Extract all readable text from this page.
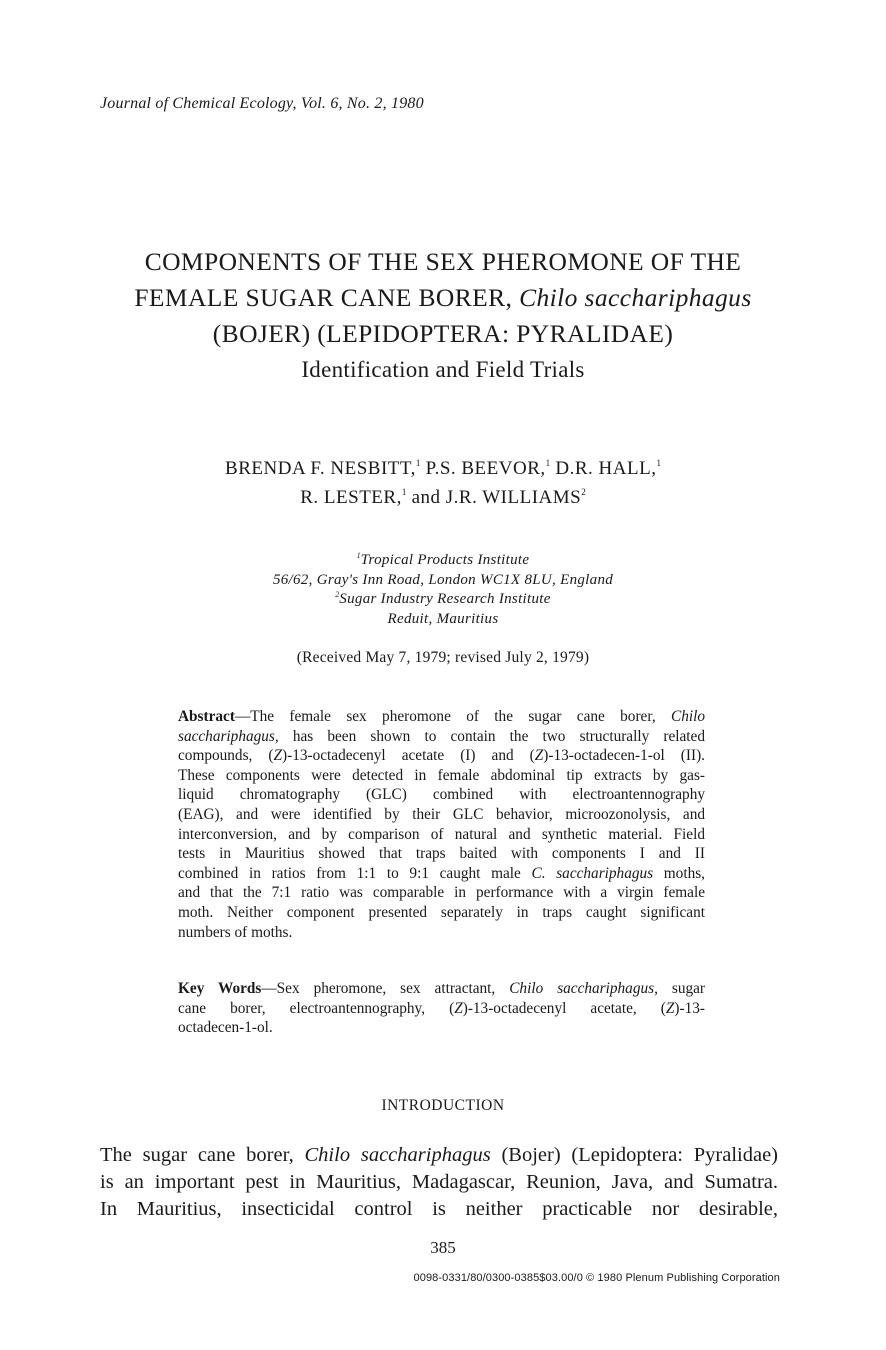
Journal of Chemical Ecology, Vol. 6, No. 2, 1980
COMPONENTS OF THE SEX PHEROMONE OF THE
FEMALE SUGAR CANE BORER, Chilo sacchariphagus
(BOJER) (LEPIDOPTERA: PYRALIDAE)
Identification and Field Trials
BRENDA F. NESBITT,$^1$ P.S. BEEVOR,$^1$ D.R. HALL,$^1$
R. LESTER,$^1$ and J.R. WILLIAMS$^2$
$^1$Tropical Products Institute
56/62, Gray's Inn Road, London WC1X 8LU, England
$^2$Sugar Industry Research Institute
Reduit, Mauritius
(Received May 7, 1979; revised July 2, 1979)
Abstract—The female sex pheromone of the sugar cane borer, Chilo
sacchariphagus, has been shown to contain the two structurally related
compounds, (Z)-13-octadecenyl acetate (I) and (Z)-13-octadecen-1-ol (II).
These components were detected in female abdominal tip extracts by gas-
liquid chromatography (GLC) combined with electroantennography
(EAG), and were identified by their GLC behavior, microozonolysis, and
interconversion, and by comparison of natural and synthetic material. Field
tests in Mauritius showed that traps baited with components I and II
combined in ratios from 1:1 to 9:1 caught male C. sacchariphagus moths,
and that the 7:1 ratio was comparable in performance with a virgin female
moth. Neither component presented separately in traps caught significant
numbers of moths.
Key Words—Sex pheromone, sex attractant, Chilo sacchariphagus, sugar
cane borer, electroantennography, (Z)-13-octadecenyl acetate, (Z)-13-
octadecen-1-ol.
INTRODUCTION
The sugar cane borer, Chilo sacchariphagus (Bojer) (Lepidoptera: Pyralidae)
is an important pest in Mauritius, Madagascar, Reunion, Java, and Sumatra.
In Mauritius, insecticidal control is neither practicable nor desirable,
385
0098-0331/80/0300-0385$03.00/0 © 1980 Plenum Publishing Corporation
